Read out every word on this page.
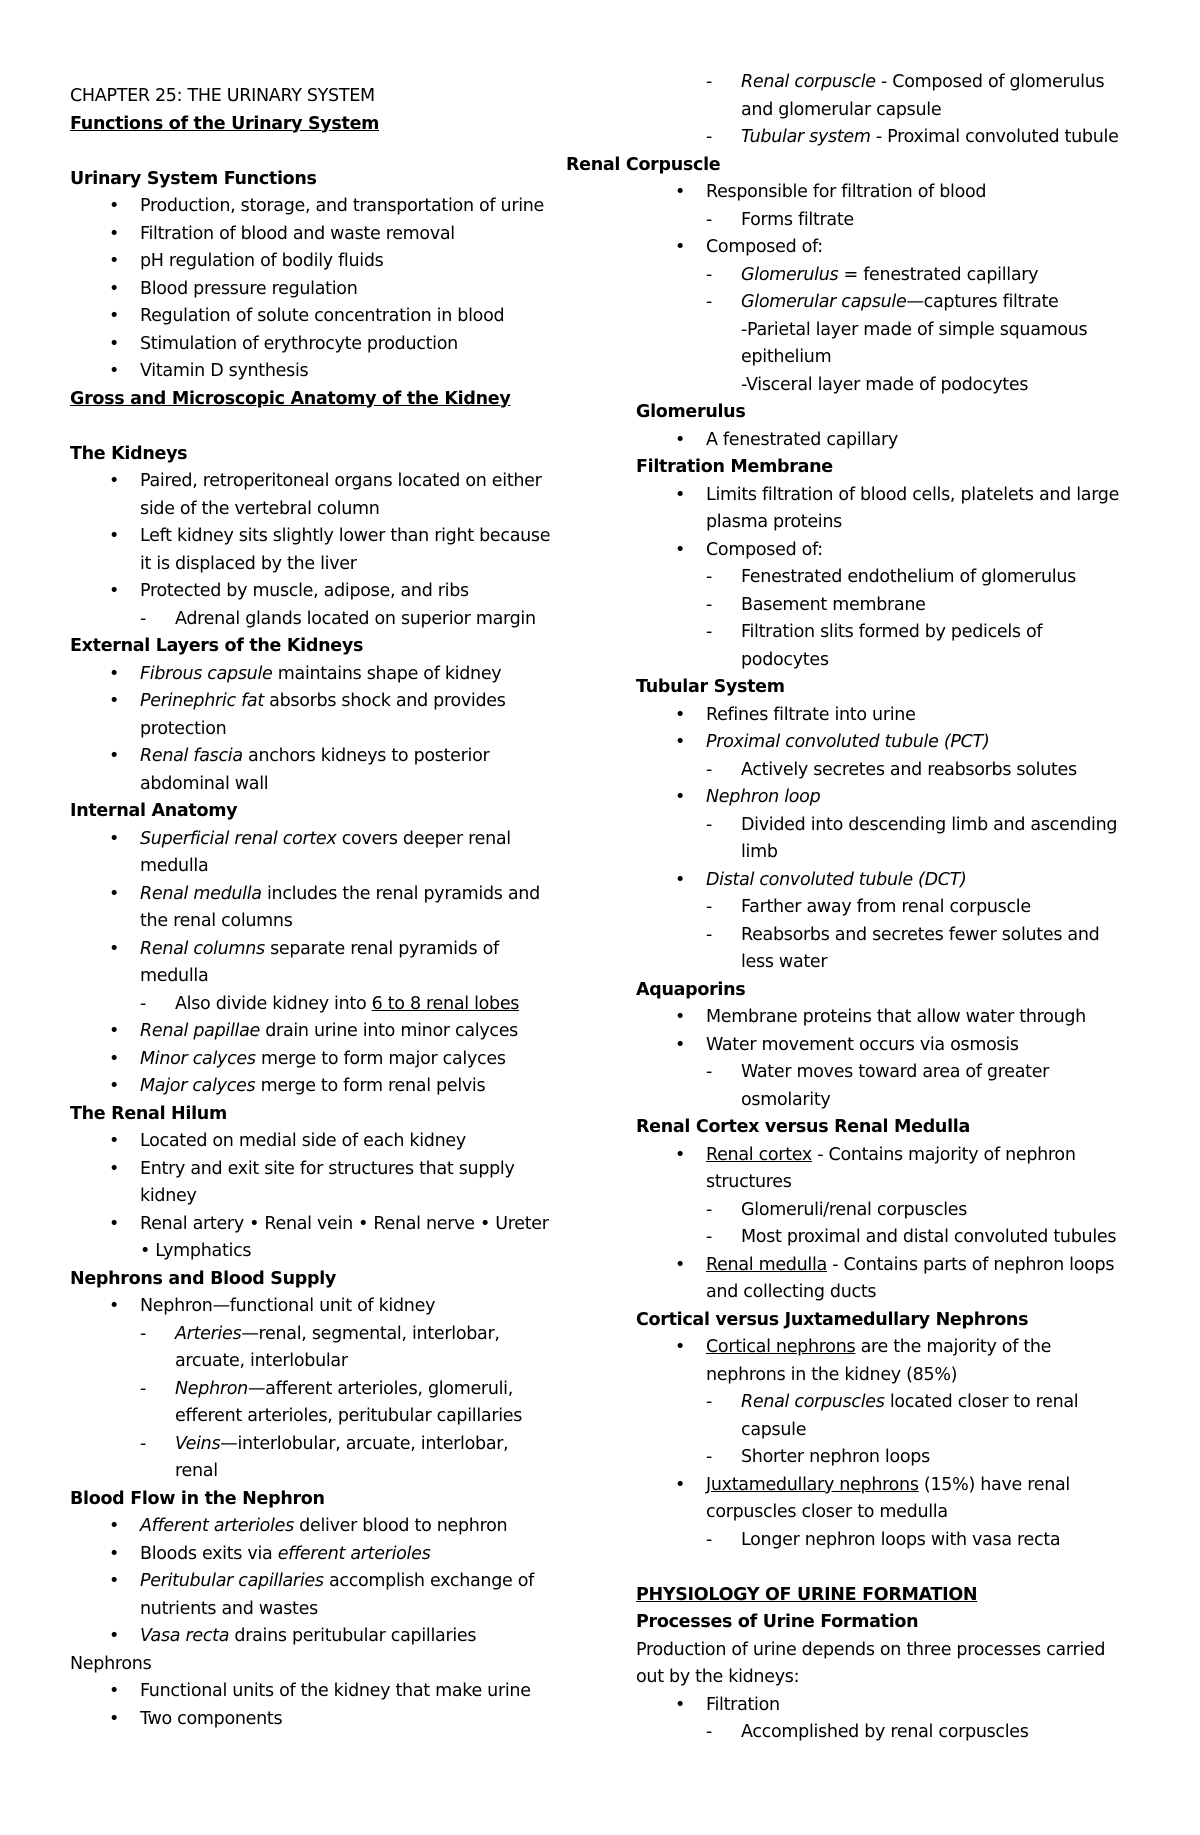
CHAPTER 25: THE URINARY SYSTEM
Functions of the Urinary System

Urinary System Functions
• Production, storage, and transportation of urine
• Filtration of blood and waste removal
• pH regulation of bodily fluids
• Blood pressure regulation
• Regulation of solute concentration in blood
• Stimulation of erythrocyte production
• Vitamin D synthesis
Gross and Microscopic Anatomy of the Kidney

The Kidneys
• Paired, retroperitoneal organs located on either
side of the vertebral column
• Left kidney sits slightly lower than right because
it is displaced by the liver
• Protected by muscle, adipose, and ribs
- Adrenal glands located on superior margin
External Layers of the Kidneys
• Fibrous capsule maintains shape of kidney
• Perinephric fat absorbs shock and provides
protection
• Renal fascia anchors kidneys to posterior
abdominal wall
Internal Anatomy
• Superficial renal cortex covers deeper renal
medulla
• Renal medulla includes the renal pyramids and
the renal columns
• Renal columns separate renal pyramids of
medulla
- Also divide kidney into 6 to 8 renal lobes
• Renal papillae drain urine into minor calyces
• Minor calyces merge to form major calyces
• Major calyces merge to form renal pelvis
The Renal Hilum
• Located on medial side of each kidney
• Entry and exit site for structures that supply
kidney
• Renal artery • Renal vein • Renal nerve • Ureter
• Lymphatics
Nephrons and Blood Supply
• Nephron—functional unit of kidney
- Arteries—renal, segmental, interlobar,
arcuate, interlobular
- Nephron—afferent arterioles, glomeruli,
efferent arterioles, peritubular capillaries
- Veins—interlobular, arcuate, interlobar,
renal
Blood Flow in the Nephron
• Afferent arterioles deliver blood to nephron
• Bloods exits via efferent arterioles
• Peritubular capillaries accomplish exchange of
nutrients and wastes
• Vasa recta drains peritubular capillaries
Nephrons
• Functional units of the kidney that make urine
• Two components
- Renal corpuscle - Composed of glomerulus
and glomerular capsule
- Tubular system - Proximal convoluted tubule
Renal Corpuscle
• Responsible for filtration of blood
- Forms filtrate
• Composed of:
- Glomerulus = fenestrated capillary
- Glomerular capsule—captures filtrate
-Parietal layer made of simple squamous
epithelium
-Visceral layer made of podocytes
Glomerulus
• A fenestrated capillary
Filtration Membrane
• Limits filtration of blood cells, platelets and large
plasma proteins
• Composed of:
- Fenestrated endothelium of glomerulus
- Basement membrane
- Filtration slits formed by pedicels of
podocytes
Tubular System
• Refines filtrate into urine
• Proximal convoluted tubule (PCT)
- Actively secretes and reabsorbs solutes
• Nephron loop
- Divided into descending limb and ascending
limb
• Distal convoluted tubule (DCT)
- Farther away from renal corpuscle
- Reabsorbs and secretes fewer solutes and
less water
Aquaporins
• Membrane proteins that allow water through
• Water movement occurs via osmosis
- Water moves toward area of greater
osmolarity
Renal Cortex versus Renal Medulla
• Renal cortex - Contains majority of nephron
structures
- Glomeruli/renal corpuscles
- Most proximal and distal convoluted tubules
• Renal medulla - Contains parts of nephron loops
and collecting ducts
Cortical versus Juxtamedullary Nephrons
• Cortical nephrons are the majority of the
nephrons in the kidney (85%)
- Renal corpuscles located closer to renal
capsule
- Shorter nephron loops
• Juxtamedullary nephrons (15%) have renal
corpuscles closer to medulla
- Longer nephron loops with vasa recta

PHYSIOLOGY OF URINE FORMATION
Processes of Urine Formation
Production of urine depends on three processes carried
out by the kidneys:
• Filtration
- Accomplished by renal corpuscles
